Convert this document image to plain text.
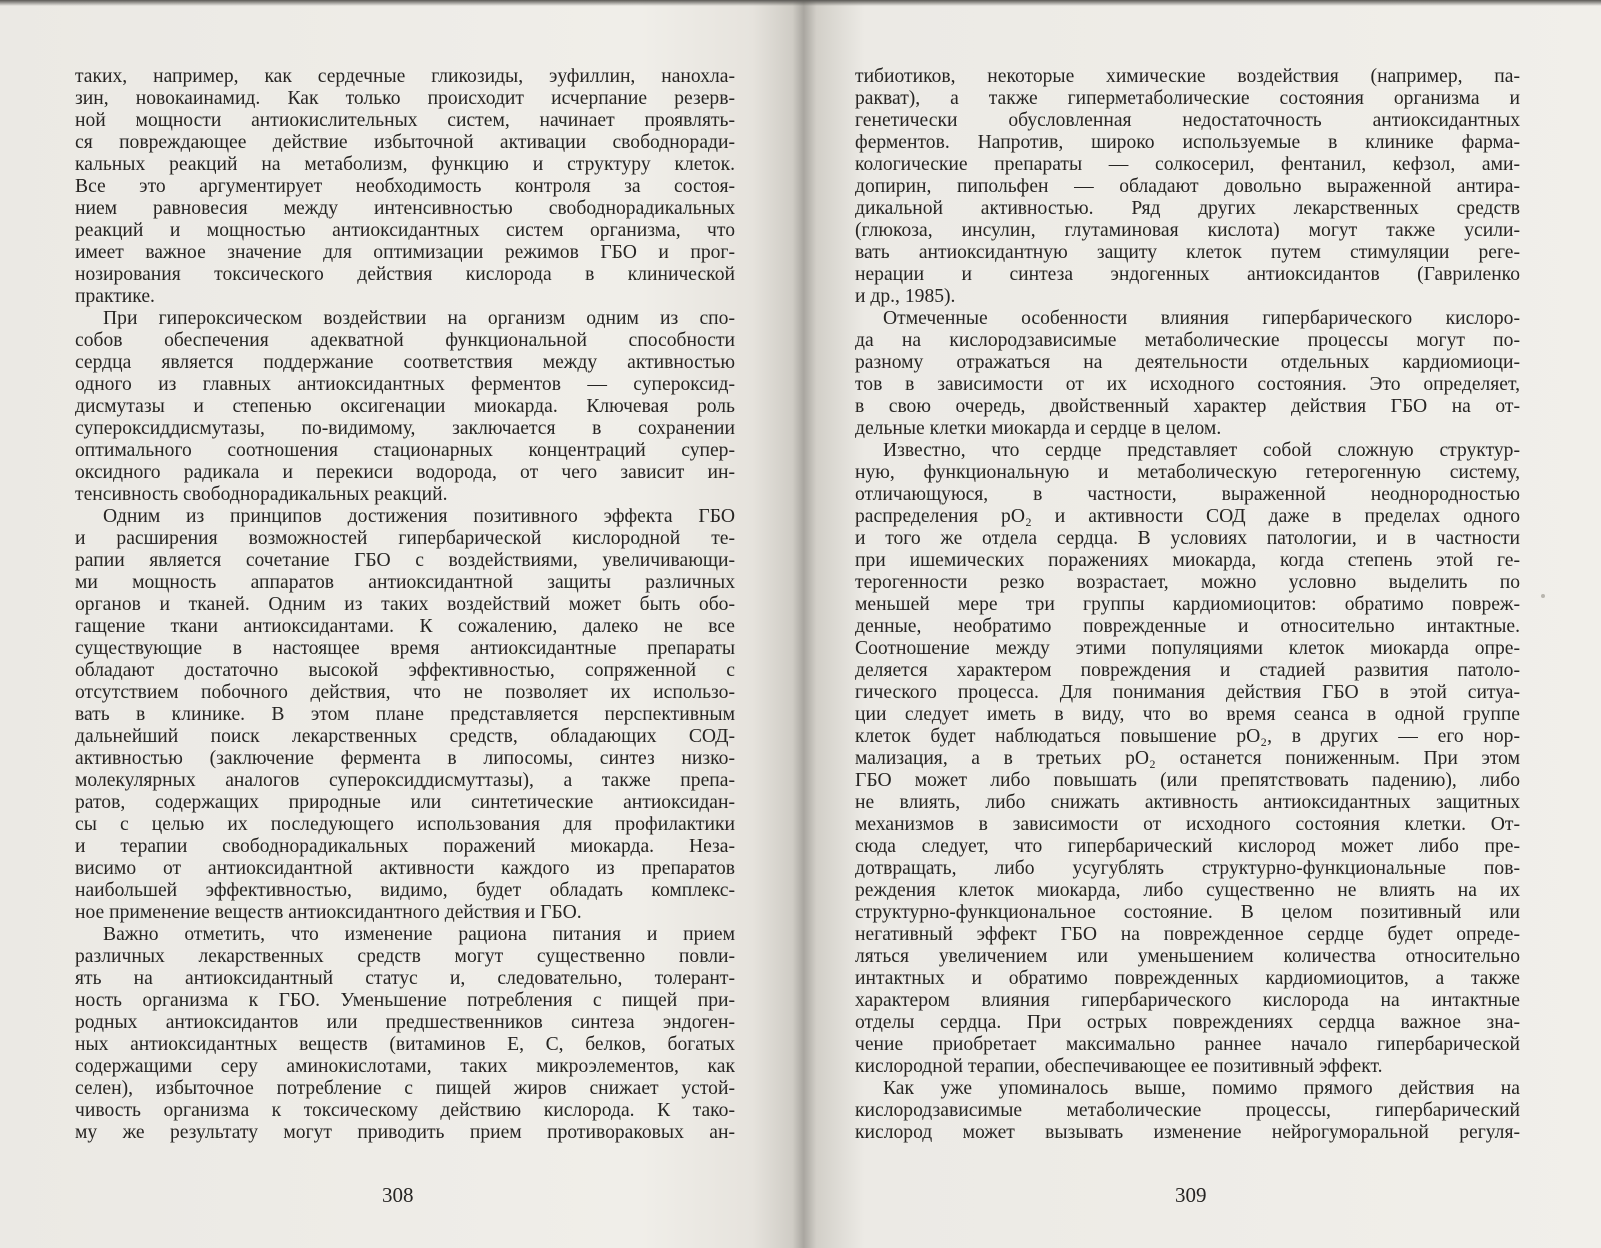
таких, например, как сердечные гликозиды, эуфиллин, нанохла-
зин, новокаинамид. Как только происходит исчерпание резерв-
ной мощности антиокислительных систем, начинает проявлять-
ся повреждающее действие избыточной активации свободноради-
кальных реакций на метаболизм, функцию и структуру клеток.
Все это аргументирует необходимость контроля за состоя-
нием равновесия между интенсивностью свободнорадикальных
реакций и мощностью антиоксидантных систем организма, что
имеет важное значение для оптимизации режимов ГБО и прог-
нозирования токсического действия кислорода в клинической
практике.
При гипероксическом воздействии на организм одним из спо-
собов обеспечения адекватной функциональной способности
сердца является поддержание соответствия между активностью
одного из главных антиоксидантных ферментов — супероксид-
дисмутазы и степенью оксигенации миокарда. Ключевая роль
супероксиддисмутазы, по-видимому, заключается в сохранении
оптимального соотношения стационарных концентраций супер-
оксидного радикала и перекиси водорода, от чего зависит ин-
тенсивность свободнорадикальных реакций.
Одним из принципов достижения позитивного эффекта ГБО
и расширения возможностей гипербарической кислородной те-
рапии является сочетание ГБО с воздействиями, увеличивающи-
ми мощность аппаратов антиоксидантной защиты различных
органов и тканей. Одним из таких воздействий может быть обо-
гащение ткани антиоксидантами. К сожалению, далеко не все
существующие в настоящее время антиоксидантные препараты
обладают достаточно высокой эффективностью, сопряженной с
отсутствием побочного действия, что не позволяет их использо-
вать в клинике. В этом плане представляется перспективным
дальнейший поиск лекарственных средств, обладающих СОД-
активностью (заключение фермента в липосомы, синтез низко-
молекулярных аналогов супероксиддисмуттазы), а также препа-
ратов, содержащих природные или синтетические антиоксидан-
сы с целью их последующего использования для профилактики
и терапии свободнорадикальных поражений миокарда. Неза-
висимо от антиоксидантной активности каждого из препаратов
наибольшей эффективностью, видимо, будет обладать комплекс-
ное применение веществ антиоксидантного действия и ГБО.
Важно отметить, что изменение рациона питания и прием
различных лекарственных средств могут существенно повли-
ять на антиоксидантный статус и, следовательно, толерант-
ность организма к ГБО. Уменьшение потребления с пищей при-
родных антиоксидантов или предшественников синтеза эндоген-
ных антиоксидантных веществ (витаминов Е, С, белков, богатых
содержащими серу аминокислотами, таких микроэлементов, как
селен), избыточное потребление с пищей жиров снижает устой-
чивость организма к токсическому действию кислорода. К тако-
му же результату могут приводить прием противораковых ан-
тибиотиков, некоторые химические воздействия (например, па-
ракват), а также гиперметаболические состояния организма и
генетически обусловленная недостаточность антиоксидантных
ферментов. Напротив, широко используемые в клинике фарма-
кологические препараты — солкосерил, фентанил, кефзол, ами-
допирин, пипольфен — обладают довольно выраженной антира-
дикальной активностью. Ряд других лекарственных средств
(глюкоза, инсулин, глутаминовая кислота) могут также усили-
вать антиоксидантную защиту клеток путем стимуляции реге-
нерации и синтеза эндогенных антиоксидантов (Гавриленко
и др., 1985).
Отмеченные особенности влияния гипербарического кислоро-
да на кислородзависимые метаболические процессы могут по-
разному отражаться на деятельности отдельных кардиомиоци-
тов в зависимости от их исходного состояния. Это определяет,
в свою очередь, двойственный характер действия ГБО на от-
дельные клетки миокарда и сердце в целом.
Известно, что сердце представляет собой сложную структур-
ную, функциональную и метаболическую гетерогенную систему,
отличающуюся, в частности, выраженной неоднородностью
распределения pO₂ и активности СОД даже в пределах одного
и того же отдела сердца. В условиях патологии, и в частности
при ишемических поражениях миокарда, когда степень этой ге-
терогенности резко возрастает, можно условно выделить по
меньшей мере три группы кардиомиоцитов: обратимо повреж-
денные, необратимо поврежденные и относительно интактные.
Соотношение между этими популяциями клеток миокарда опре-
деляется характером повреждения и стадией развития патоло-
гического процесса. Для понимания действия ГБО в этой ситуа-
ции следует иметь в виду, что во время сеанса в одной группе
клеток будет наблюдаться повышение pO₂, в других — его нор-
мализация, а в третьих pO₂ останется пониженным. При этом
ГБО может либо повышать (или препятствовать падению), либо
не влиять, либо снижать активность антиоксидантных защитных
механизмов в зависимости от исходного состояния клетки. От-
сюда следует, что гипербарический кислород может либо пре-
дотвращать, либо усугублять структурно-функциональные пов-
реждения клеток миокарда, либо существенно не влиять на их
структурно-функциональное состояние. В целом позитивный или
негативный эффект ГБО на поврежденное сердце будет опреде-
ляться увеличением или уменьшением количества относительно
интактных и обратимо поврежденных кардиомиоцитов, а также
характером влияния гипербарического кислорода на интактные
отделы сердца. При острых повреждениях сердца важное зна-
чение приобретает максимально раннее начало гипербарической
кислородной терапии, обеспечивающее ее позитивный эффект.
Как уже упоминалось выше, помимо прямого действия на
кислородзависимые метаболические процессы, гипербарический
кислород может вызывать изменение нейрогуморальной регуля-
308	309
